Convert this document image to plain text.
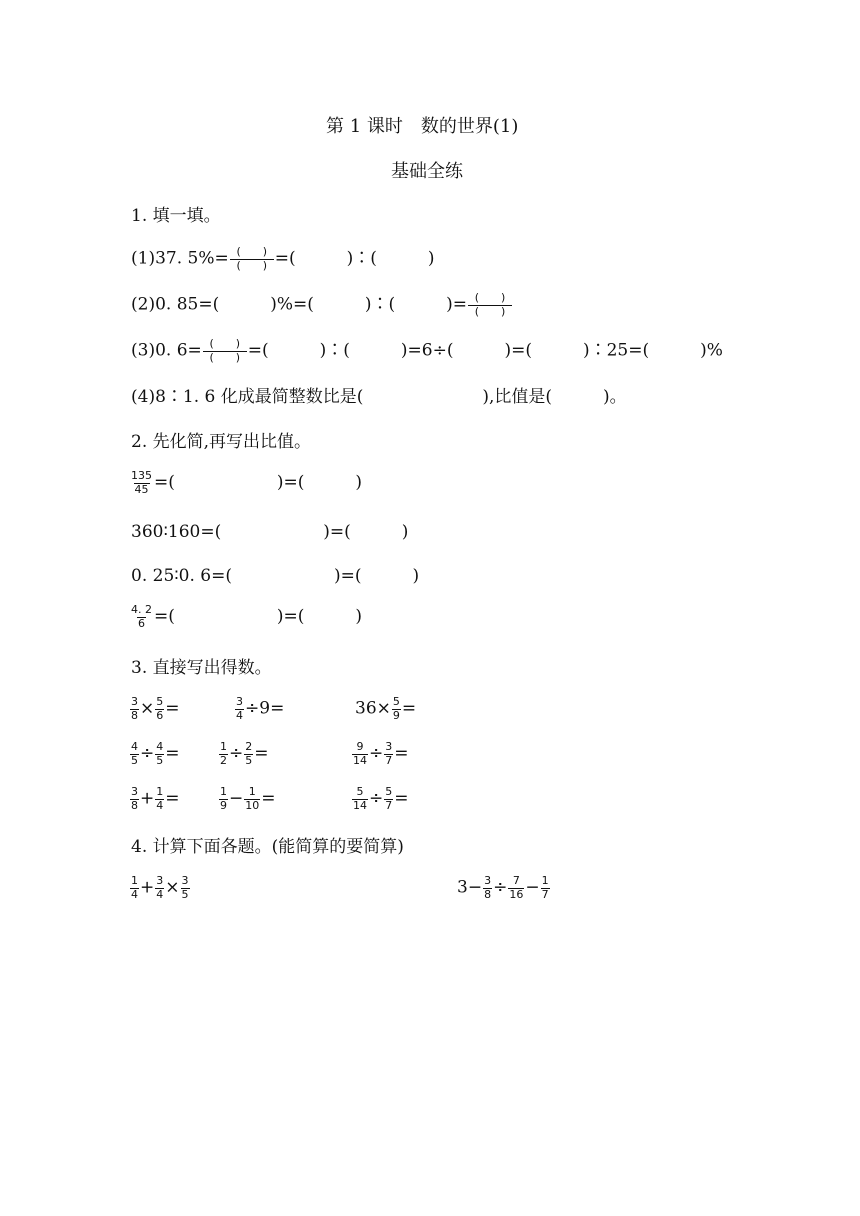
第 1 课时　数的世界(1)
基础全练
1. 填一填。
(1)37. $5\%= \frac{( )}{( )}$ =(　　　)∶(　　　)
(2)0. 85=(　　　)%=(　　　)∶(　　　)= $\frac{( )}{( )}$
(3)0. $6= \frac{( )}{( )}$ =(　　　)∶(　　　)=6÷(　　　)=(　　　)∶25=(　　　)%
(4)8∶1. 6 化成最简整数比是(　　　　　　　),比值是(　　　)。
2. 先化简,再写出比值。
$\frac{135}{45}$ =(　　　　　　)=(　　　)
360∶160=(　　　　　　)=(　　　)
0. 25∶0. 6=(　　　　　　)=(　　　)
$\frac{4. 2}{6}$ =(　　　　　　)=(　　　)
3. 直接写出得数。
$\frac{3}{8} \times \frac{5}{6}$ =	$\frac{3}{4} \div 9=$	$36\times \frac{5}{9}$ =
$\frac{4}{5} \div \frac{4}{5}$ =	$\frac{1}{2} \div \frac{2}{5}$ =	$\frac{9}{14} \div \frac{3}{7}$ =
$\frac{3}{8} + \frac{1}{4}$ =	$\frac{1}{9} - \frac{1}{10}$ =	$\frac{5}{14} \div \frac{5}{7}$ =
4. 计算下面各题。(能简算的要简算)
$\frac{1}{4} + \frac{3}{4} \times \frac{3}{5}$	$3- \frac{3}{8} \div \frac{7}{16} - \frac{1}{7}$
